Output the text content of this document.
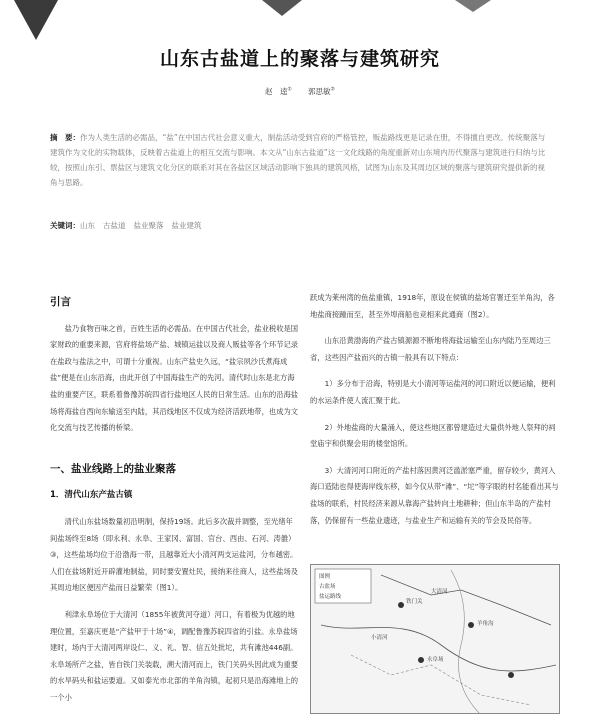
山东古盐道上的聚落与建筑研究
赵　逵① 郭思敏②
摘　要：作为人类生活的必需品，“盐”在中国古代社会意义重大，制盐活动受到官府的严格管控，贩盐路线更是记录在册，不得擅自更改。传统聚落与建筑作为文化的实物载体，反映着古盐道上的相互交流与影响。本文从“山东古盐道”这一文化线路的角度重新对山东境内历代聚落与建筑进行归纳与比较，按照山东引、票盐区与建筑文化分区的联系对其在各盐区区域活动影响下独具的建筑风格，试图为山东及其周边区域的聚落与建筑研究提供新的视角与思路。
关键词：山东 古盐道 盐业聚落 盐业建筑
引言

盐乃食物百味之首，百姓生活的必需品。在中国古代社会，盐业税收是国家财政的重要来源，官府将盐场产盐、城镇运盐以及商人贩盐等各个环节记录在盐政与盐法之中，可谓十分重视。山东产盐史久远，“盐宗夙沙氏煮海成盐”便是在山东沿海，由此开创了中国海盐生产的先河。清代时山东是北方海盐的重要产区，联系着鲁豫苏皖四省行盐地区人民的日常生活。山东的沿海盐场将海盐自西向东输送至内陆，其沿线地区不仅成为经济活跃地带，也成为文化交流与技艺传播的桥梁。

一、盐业线路上的盐业聚落
1．清代山东产盐古镇

清代山东盐场数量初沿明制，保持19场。此后多次裁并调整，至光绪年间盐场终至8场（即永利、永阜、王家冈、富国、官台、西由、石河、涛雒）③，这些盐场均位于沿渤海一带，且越靠近大小清河两支运盐河，分布越密。人们在盐场附近开辟灌地制盐，同时要安置灶民，接纳来往商人，这些盐场及其周边地区便因产盐而日益繁荣（图1）。

利津永阜场位于大清河（1855年被黄河夺道）河口，有着极为优越的地理位置，至嘉庆更是“产盐甲于十场”④，调配鲁豫苏皖四省的引盐。永阜盐场建时，场内于大清河两岸设仁、义、礼、智、信五处批坨，共有滩池446副。永阜场所产之盐，皆自铁门关装载，溯大清河而上，铁门关码头因此成为重要的水旱码头和盐运要道。又如泰光市北部的羊角沟镇，起初只是沿海滩地上的一个小

跃成为莱州湾的鱼盐重镇，1918年，原设在侯镇的盐场官署迁至羊角沟，各地盐商接踵而至，甚至外埠商船也竞相来此通商（图2）。

山东沿黄渤海的产盐古镇源源不断地将海盐运输至山东内陆乃至周边三省，这些因产盐而兴的古镇一般具有以下特点：

1）多分布于沿海，特别是大小清河等运盐河的河口附近以便运输，便利的水运条件使人流汇聚于此。

2）外地盐商的大量涌入，使这些地区都曾建造过大量供外地人祭拜的祠堂庙宇和供聚会用的楼堂馆所。

3）大清河河口附近的产盐村落因黄河泛滥淤塞严重，留存较少，黄河入海口造陆也得使海岸线东移，如今仅从带“滩”、“坨”等字眼的村名能看出其与盐场的联系，村民经济来源从靠海产盐转向土地耕种；但山东半岛的产盐村落，仍保留有一些盐业遗迹，与盐业生产和运输有关的节会及民俗等。

图例
古盐场
盐运路线
大清河
小清河
铁门关
羊角沟
永阜场
